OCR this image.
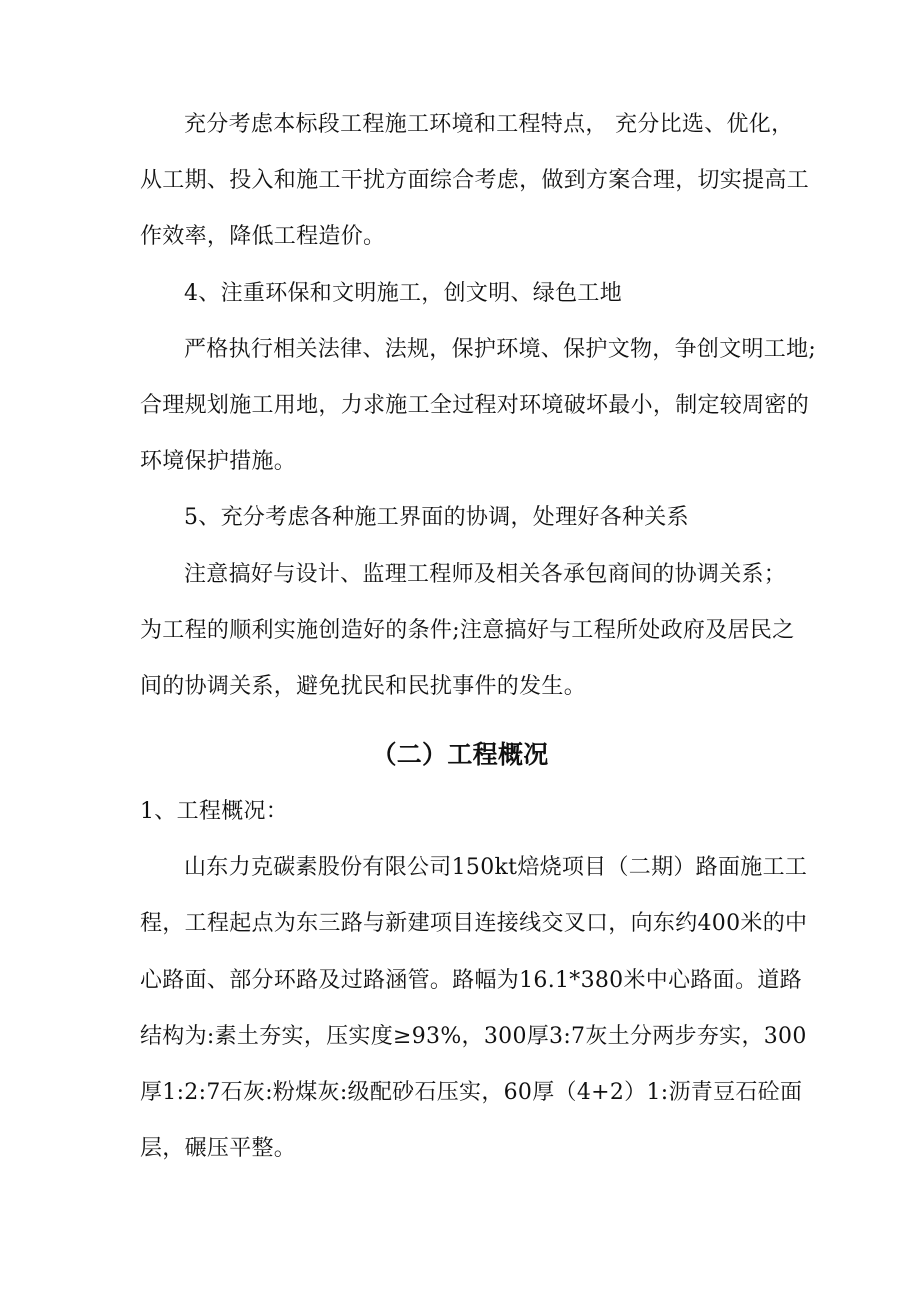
充分考虑本标段工程施工环境和工程特点， 充分比选、优化，
从工期、投入和施工干扰方面综合考虑，做到方案合理，切实提高工
作效率，降低工程造价。
4、注重环保和文明施工，创文明、绿色工地
严格执行相关法律、法规，保护环境、保护文物，争创文明工地;
合理规划施工用地，力求施工全过程对环境破坏最小，制定较周密的
环境保护措施。
5、充分考虑各种施工界面的协调，处理好各种关系
注意搞好与设计、监理工程师及相关各承包商间的协调关系；
为工程的顺利实施创造好的条件;注意搞好与工程所处政府及居民之
间的协调关系，避免扰民和民扰事件的发生。
（二）工程概况
1、工程概况：
山东力克碳素股份有限公司150kt焙烧项目（二期）路面施工工
程，工程起点为东三路与新建项目连接线交叉口，向东约400米的中
心路面、部分环路及过路涵管。路幅为16.1*380米中心路面。道路
结构为:素土夯实，压实度≥93%，300厚3:7灰土分两步夯实，300
厚1:2:7石灰:粉煤灰:级配砂石压实，60厚（4+2）1:沥青豆石砼面
层，碾压平整。
